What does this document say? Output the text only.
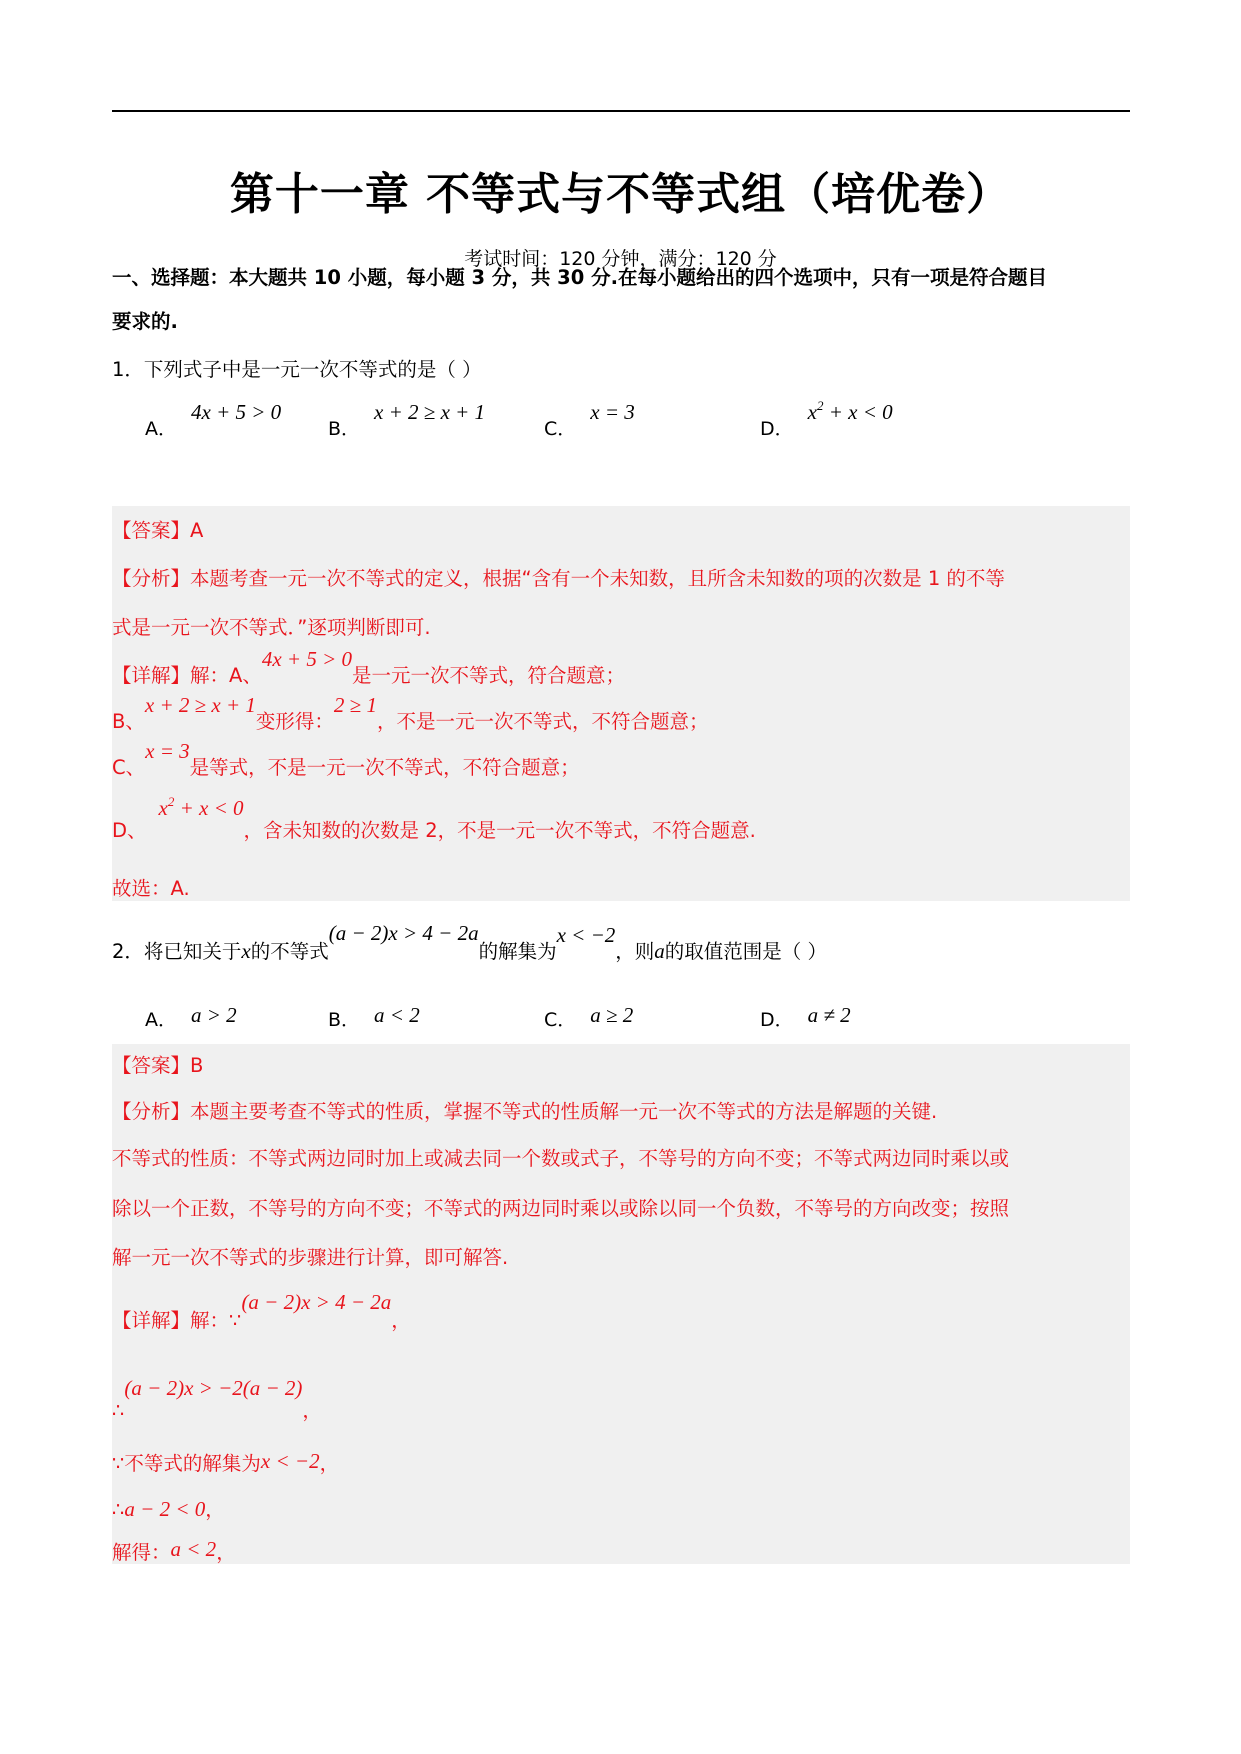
第十一章 不等式与不等式组（培优卷）
考试时间：120 分钟，满分：120 分
一、选择题：本大题共 10 小题，每小题 3 分，共 30 分.在每小题给出的四个选项中，只有一项是符合题目
要求的.
1．下列式子中是一元一次不等式的是（ ）
A．4x + 5 > 0
B．x + 2 ≥ x + 1
C．x = 3
D．$x^2 + x < 0$
【答案】A
【分析】本题考查一元一次不等式的定义，根据“含有一个未知数，且所含未知数的项的次数是 1 的不等
式是一元一次不等式．”逐项判断即可.
【详解】解：A、4x + 5 > 0是一元一次不等式，符合题意；
B、x + 2 ≥ x + 1变形得：2 ≥ 1，不是一元一次不等式，不符合题意；
C、x = 3是等式，不是一元一次不等式，不符合题意；
D、$x^2 + x < 0$，含未知数的次数是 2，不是一元一次不等式，不符合题意.
故选：A.
2．将已知关于x的不等式(a − 2)x > 4 − 2a的解集为x < −2，则a的取值范围是（ ）
A． a > 2	B． a < 2	C． a ≥ 2	D． a ≠ 2
【答案】B
【分析】本题主要考查不等式的性质，掌握不等式的性质解一元一次不等式的方法是解题的关键.
不等式的性质：不等式两边同时加上或减去同一个数或式子，不等号的方向不变；不等式两边同时乘以或
除以一个正数，不等号的方向不变；不等式的两边同时乘以或除以同一个负数，不等号的方向改变；按照
解一元一次不等式的步骤进行计算，即可解答.
【详解】解：∵(a − 2)x > 4 − 2a，
∴(a − 2)x > −2(a − 2)，
∵不等式的解集为x < −2，
∴a − 2 < 0，
解得：a < 2，
